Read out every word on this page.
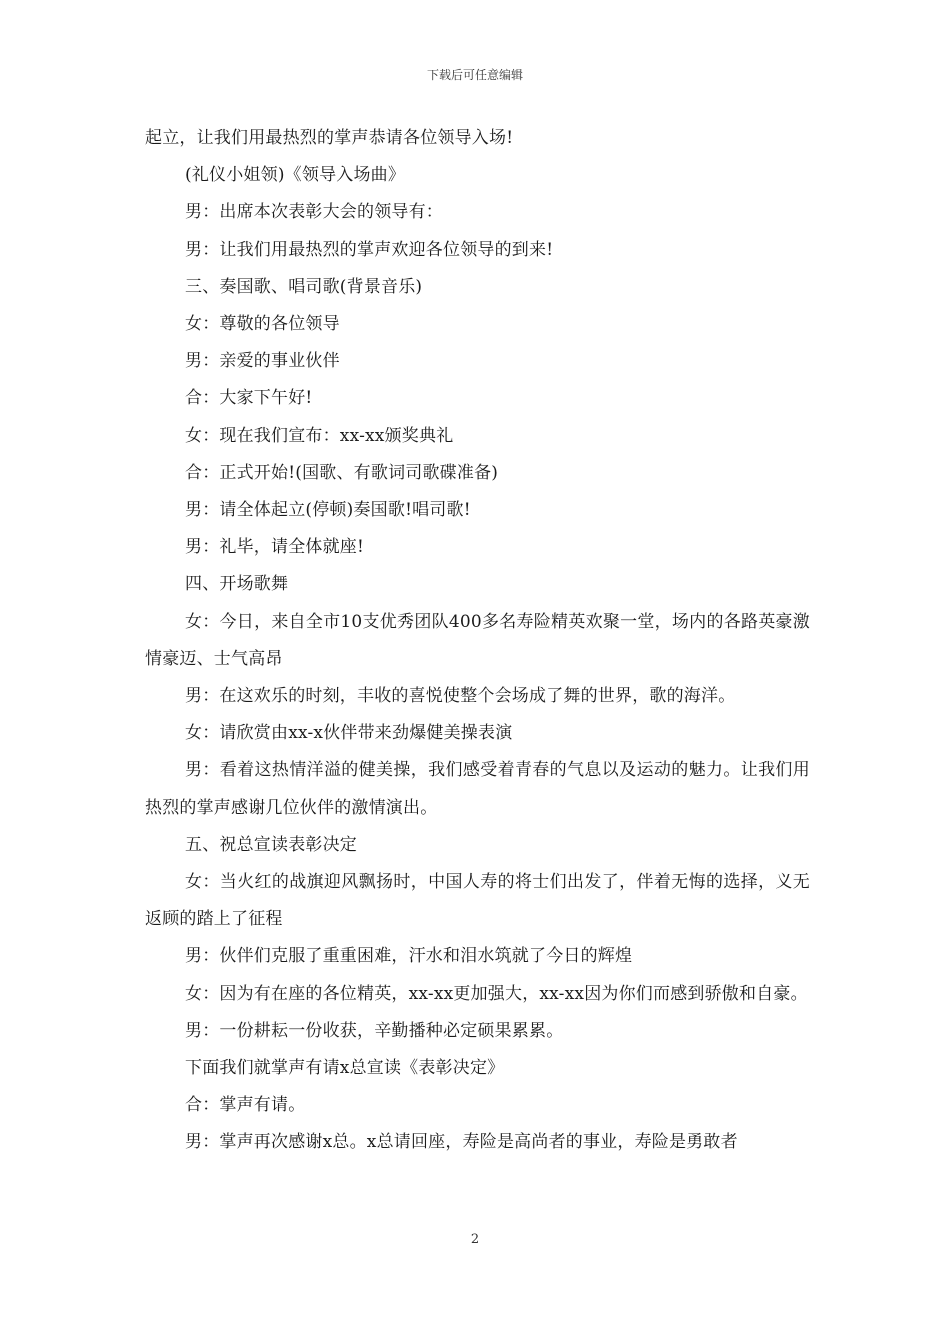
下载后可任意编辑

起立，让我们用最热烈的掌声恭请各位领导入场!

(礼仪小姐领)《领导入场曲》

男：出席本次表彰大会的领导有：

男：让我们用最热烈的掌声欢迎各位领导的到来!

三、奏国歌、唱司歌(背景音乐)

女：尊敬的各位领导

男：亲爱的事业伙伴

合：大家下午好!

女：现在我们宣布：xx-xx颁奖典礼

合：正式开始!(国歌、有歌词司歌碟准备)

男：请全体起立(停顿)奏国歌!唱司歌!

男：礼毕，请全体就座!

四、开场歌舞

女：今日，来自全市10支优秀团队400多名寿险精英欢聚一堂，场内的各路英豪激情豪迈、士气高昂

男：在这欢乐的时刻，丰收的喜悦使整个会场成了舞的世界，歌的海洋。

女：请欣赏由xx-x伙伴带来劲爆健美操表演

男：看着这热情洋溢的健美操，我们感受着青春的气息以及运动的魅力。让我们用热烈的掌声感谢几位伙伴的激情演出。

五、祝总宣读表彰决定

女：当火红的战旗迎风飘扬时，中国人寿的将士们出发了，伴着无悔的选择，义无返顾的踏上了征程

男：伙伴们克服了重重困难，汗水和泪水筑就了今日的辉煌

女：因为有在座的各位精英，xx-xx更加强大，xx-xx因为你们而感到骄傲和自豪。

男：一份耕耘一份收获，辛勤播种必定硕果累累。

下面我们就掌声有请x总宣读《表彰决定》

合：掌声有请。

男：掌声再次感谢x总。x总请回座，寿险是高尚者的事业，寿险是勇敢者

2
